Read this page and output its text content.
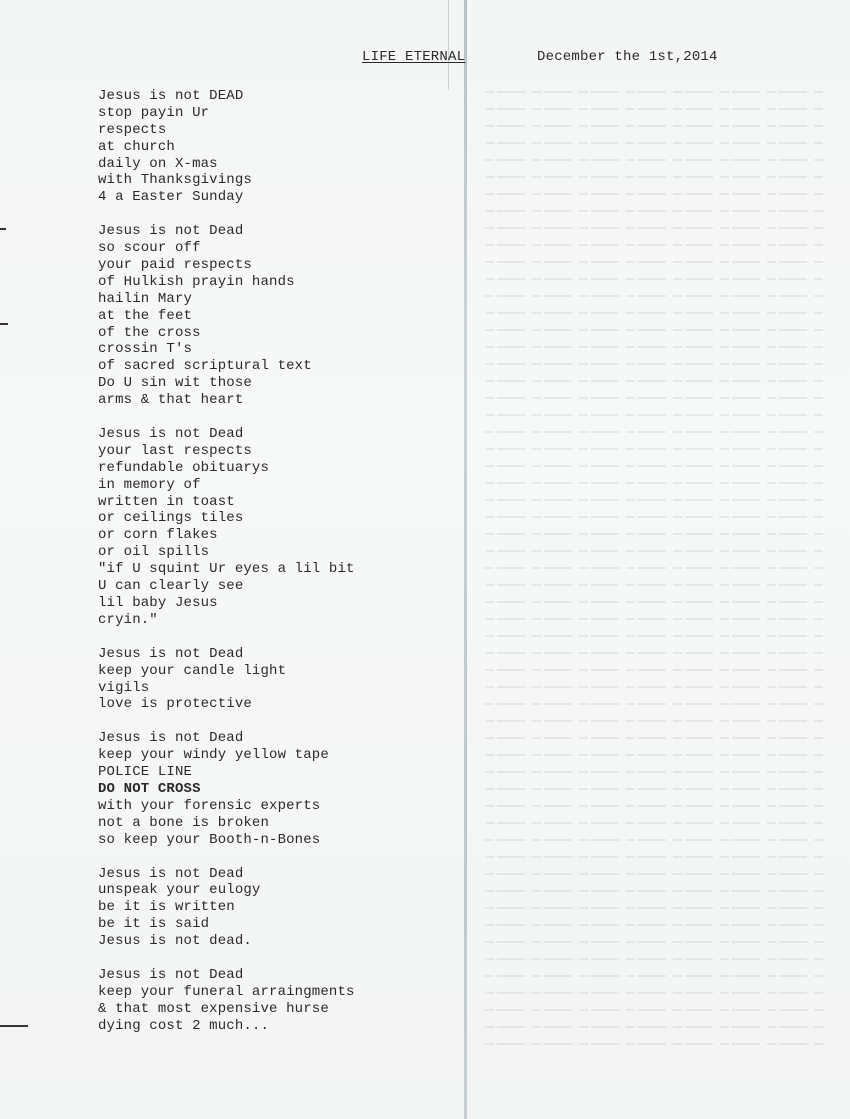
LIFE ETERNAL	December the 1st,2014
Jesus is not DEAD
stop payin Ur
respects
at church
daily on X-mas
with Thanksgivings
4 a Easter Sunday
Jesus is not Dead
so scour off
your paid respects
of Hulkish prayin hands
hailin Mary
at the feet
of the cross
crossin T's
of sacred scriptural text
Do U sin wit those
arms & that heart
Jesus is not Dead
your last respects
refundable obituarys
in memory of
written in toast
or ceilings tiles
or corn flakes
or oil spills
"if U squint Ur eyes a lil bit
U can clearly see
lil baby Jesus
cryin."
Jesus is not Dead
keep your candle light
vigils
love is protective
Jesus is not Dead
keep your windy yellow tape
POLICE LINE
DO NOT CROSS
with your forensic experts
not a bone is broken
so keep your Booth-n-Bones
Jesus is not Dead
unspeak your eulogy
be it is written
be it is said
Jesus is not dead.
Jesus is not Dead
keep your funeral arraingments
& that most expensive hurse
dying cost 2 much...
